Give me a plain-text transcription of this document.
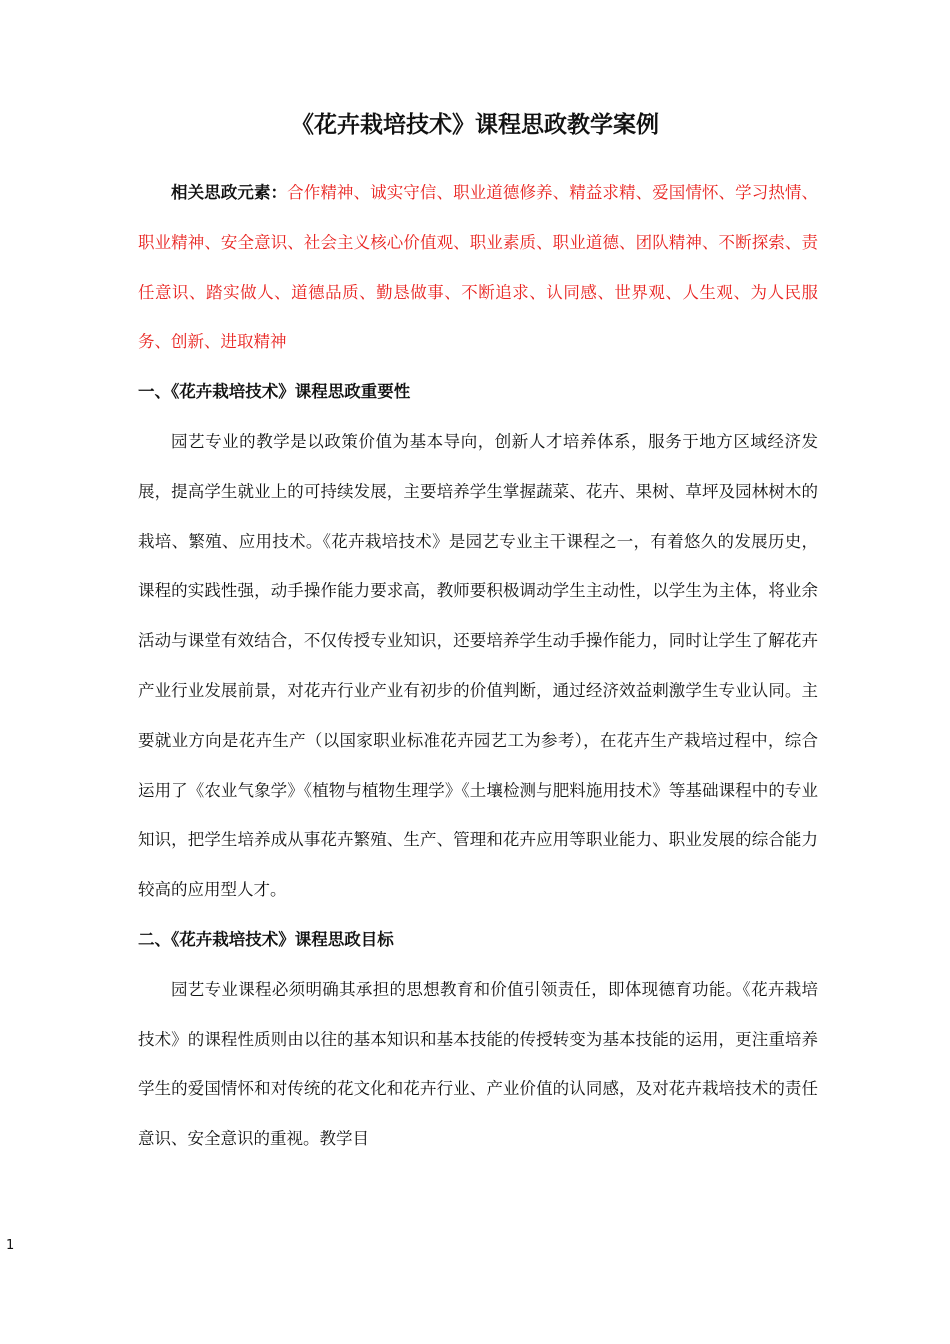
《花卉栽培技术》课程思政教学案例

相关思政元素：合作精神、诚实守信、职业道德修养、精益求精、爱国情怀、学习热情、职业精神、安全意识、社会主义核心价值观、职业素质、职业道德、团队精神、不断探索、责任意识、踏实做人、道德品质、勤恳做事、不断追求、认同感、世界观、人生观、为人民服务、创新、进取精神

一、《花卉栽培技术》课程思政重要性

园艺专业的教学是以政策价值为基本导向，创新人才培养体系，服务于地方区域经济发展，提高学生就业上的可持续发展，主要培养学生掌握蔬菜、花卉、果树、草坪及园林树木的栽培、繁殖、应用技术。《花卉栽培技术》是园艺专业主干课程之一，有着悠久的发展历史，课程的实践性强，动手操作能力要求高，教师要积极调动学生主动性，以学生为主体，将业余活动与课堂有效结合，不仅传授专业知识，还要培养学生动手操作能力，同时让学生了解花卉产业行业发展前景，对花卉行业产业有初步的价值判断，通过经济效益刺激学生专业认同。主要就业方向是花卉生产（以国家职业标准花卉园艺工为参考），在花卉生产栽培过程中，综合运用了《农业气象学》《植物与植物生理学》《土壤检测与肥料施用技术》等基础课程中的专业知识，把学生培养成从事花卉繁殖、生产、管理和花卉应用等职业能力、职业发展的综合能力较高的应用型人才。

二、《花卉栽培技术》课程思政目标

园艺专业课程必须明确其承担的思想教育和价值引领责任，即体现德育功能。《花卉栽培技术》的课程性质则由以往的基本知识和基本技能的传授转变为基本技能的运用，更注重培养学生的爱国情怀和对传统的花文化和花卉行业、产业价值的认同感，及对花卉栽培技术的责任意识、安全意识的重视。教学目

1
